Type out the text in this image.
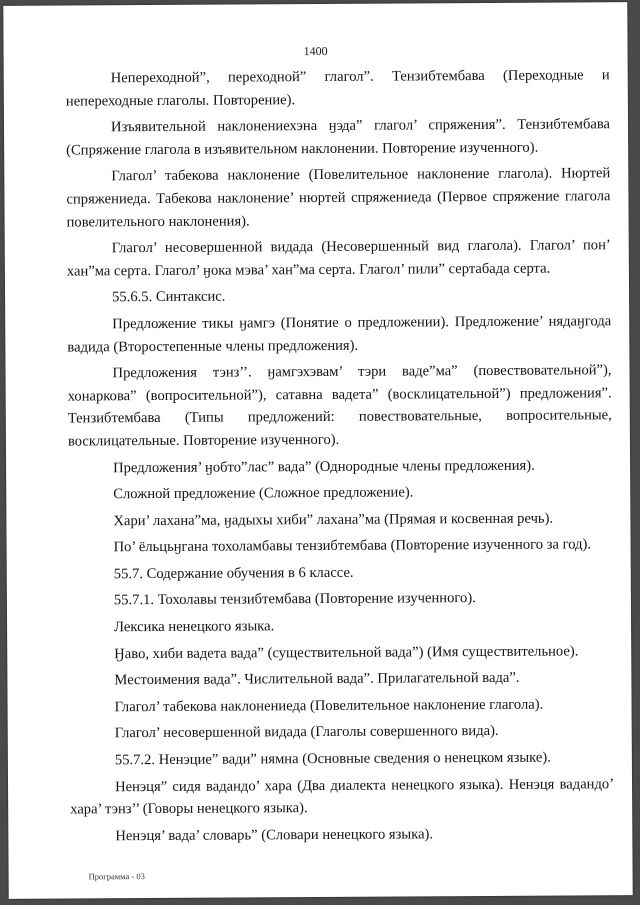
1400

Непереходной”, переходной” глагол”. Тензибтембава (Переходные и непереходные глаголы. Повторение).

Изъявительной наклонениехэна ӈэда” глагол’ спряжения”. Тензибтембава (Спряжение глагола в изъявительном наклонении. Повторение изученного).

Глагол’ табекова наклонение (Повелительное наклонение глагола). Нюртей спряжениеда. Табекова наклонение’ нюртей спряжениеда (Первое спряжение глагола повелительного наклонения).

Глагол’ несовершенной видада (Несовершенный вид глагола). Глагол’ пон’ хан”ма серта. Глагол’ ӈока мэва’ хан”ма серта. Глагол’ пили” сертабада серта.

55.6.5. Синтаксис.

Предложение тикы ӈамгэ (Понятие о предложении). Предложение’ нядаӈгода вадида (Второстепенные члены предложения).

Предложения тэнз’’. ӈамгэхэвам’ тэри ваде”ма” (повествовательной”), хонаркова” (вопросительной”), сатавна вадета” (восклицательной”) предложения”. Тензибтембава (Типы предложений: повествовательные, вопросительные, восклицательные. Повторение изученного).

Предложения’ ӈобто”лас” вада” (Однородные члены предложения).

Сложной предложение (Сложное предложение).

Хари’ лахана”ма, ӈадыхы хиби” лахана”ма (Прямая и косвенная речь).

По’ ёльцьӈгана тохоламбавы тензибтембава (Повторение изученного за год).

55.7. Содержание обучения в 6 классе.

55.7.1. Тохолавы тензибтембава (Повторение изученного).

Лексика ненецкого языка.

Ӈаво, хиби вадета вада” (существительной вада”) (Имя существительное).

Местоимения вада”. Числительной вада”. Прилагательной вада”.

Глагол’ табекова наклонениеда (Повелительное наклонение глагола).

Глагол’ несовершенной видада (Глаголы совершенного вида).

55.7.2. Ненэцие” вади” нямна (Основные сведения о ненецком языке).

Ненэця” сидя вадандо’ хара (Два диалекта ненецкого языка). Ненэця вадандо’ хара’ тэнз’’ (Говоры ненецкого языка).

Ненэця’ вада’ словарь” (Словари ненецкого языка).

Программа - 03
